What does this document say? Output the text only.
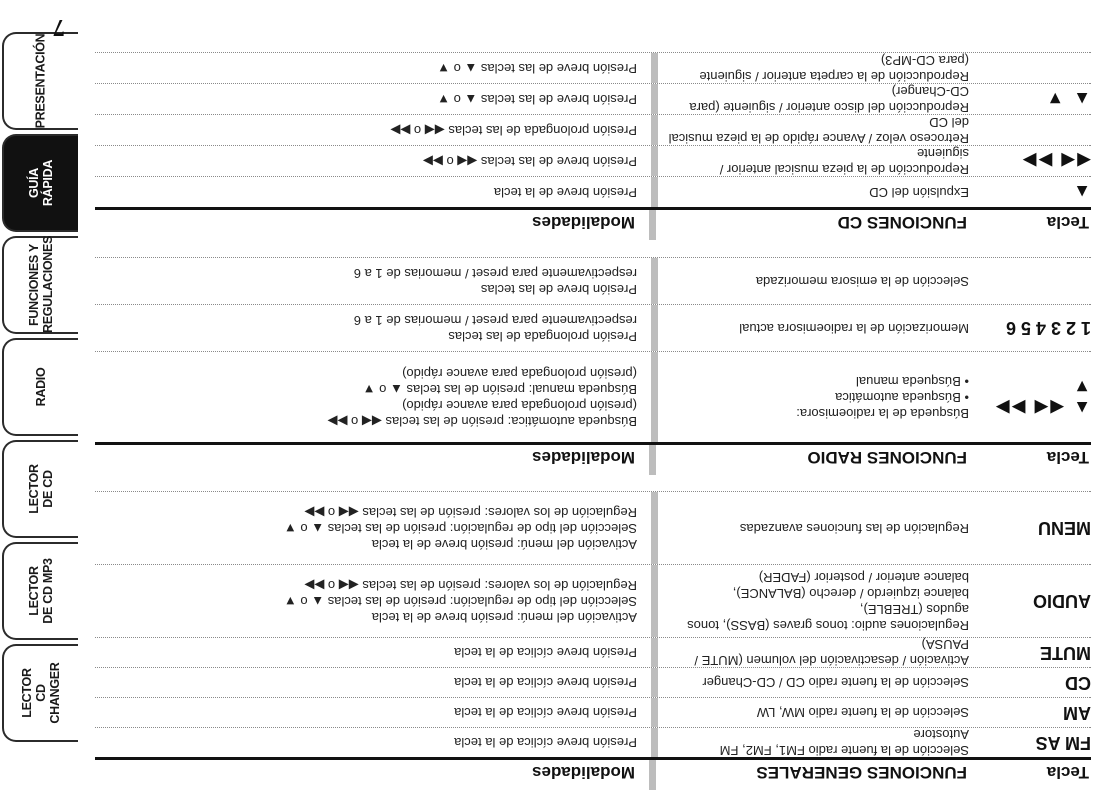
PRESENTACIÓN
GUÍA
RÁPIDA
FUNCIONES Y
REGULACIONES
RADIO
LECTOR
DE CD
LECTOR
DE CD MP3
LECTOR
CD CHANGER
7
Tecla
FUNCIONES GENERALES
Modalidades
FM AS
Selección de la fuente radio FM1, FM2, FM Autostore
Presión breve cíclica de la tecla
AM
Selección de la fuente radio MW, LW
Presión breve cíclica de la tecla
CD
Selección de la fuente radio CD / CD-Changer
Presión breve cíclica de la tecla
MUTE
Activación / desactivación del volumen (MUTE / PAUSA)
Presión breve cíclica de la tecla
AUDIO
Regulaciones audio: tonos graves (BASS), tonos agudos (TREBLE),
balance izquierdo / derecho (BALANCE),
balance anterior / posterior (FADER)
Activación del menú: presión breve de la tecla
Selección del tipo de regulación: presión de las teclas ▲ o ▼
Regulación de los valores: presión de las teclas ◀◀ o ▶▶
MENU
Regulación de las funciones avanzadas
Activación del menú: presión breve de la tecla
Selección del tipo de regulación: presión de las teclas ▲ o ▼
Regulación de los valores: presión de las teclas ◀◀ o ▶▶
Tecla
FUNCIONES RADIO
Modalidades
▲ ◀◀ ▶▶ ▼
Búsqueda de la radioemisora:
• Búsqueda automática
• Búsqueda manual
Búsqueda automática: presión de las teclas ◀◀ o ▶▶
(presión prolongada para avance rápido)
Búsqueda manual: presión de las teclas ▲ o ▼
(presión prolongada para avance rápido)
1 2 3 4 5 6
Memorización de la radioemisora actual
Presión prolongada de las teclas
respectivamente para preset / memorias de 1 a 6
Selección de la emisora memorizada
Presión breve de las teclas
respectivamente para preset / memorias de 1 a 6
Tecla
FUNCIONES CD
Modalidades
▲
Expulsión del CD
Presión breve de la tecla
◀◀ ▶▶
Reproducción de la pieza musical anterior / siguiente
Presión breve de las teclas ◀◀ o ▶▶
Retroceso veloz / Avance rápido de la pieza musical del CD
Presión prolongada de las teclas ◀◀ o ▶▶
▲ ▼
Reproducción del disco anterior / siguiente (para CD-Changer)
Presión breve de las teclas ▲ o ▼
Reproducción de la carpeta anterior / siguiente (para CD-MP3)
Presión breve de las teclas ▲ o ▼
